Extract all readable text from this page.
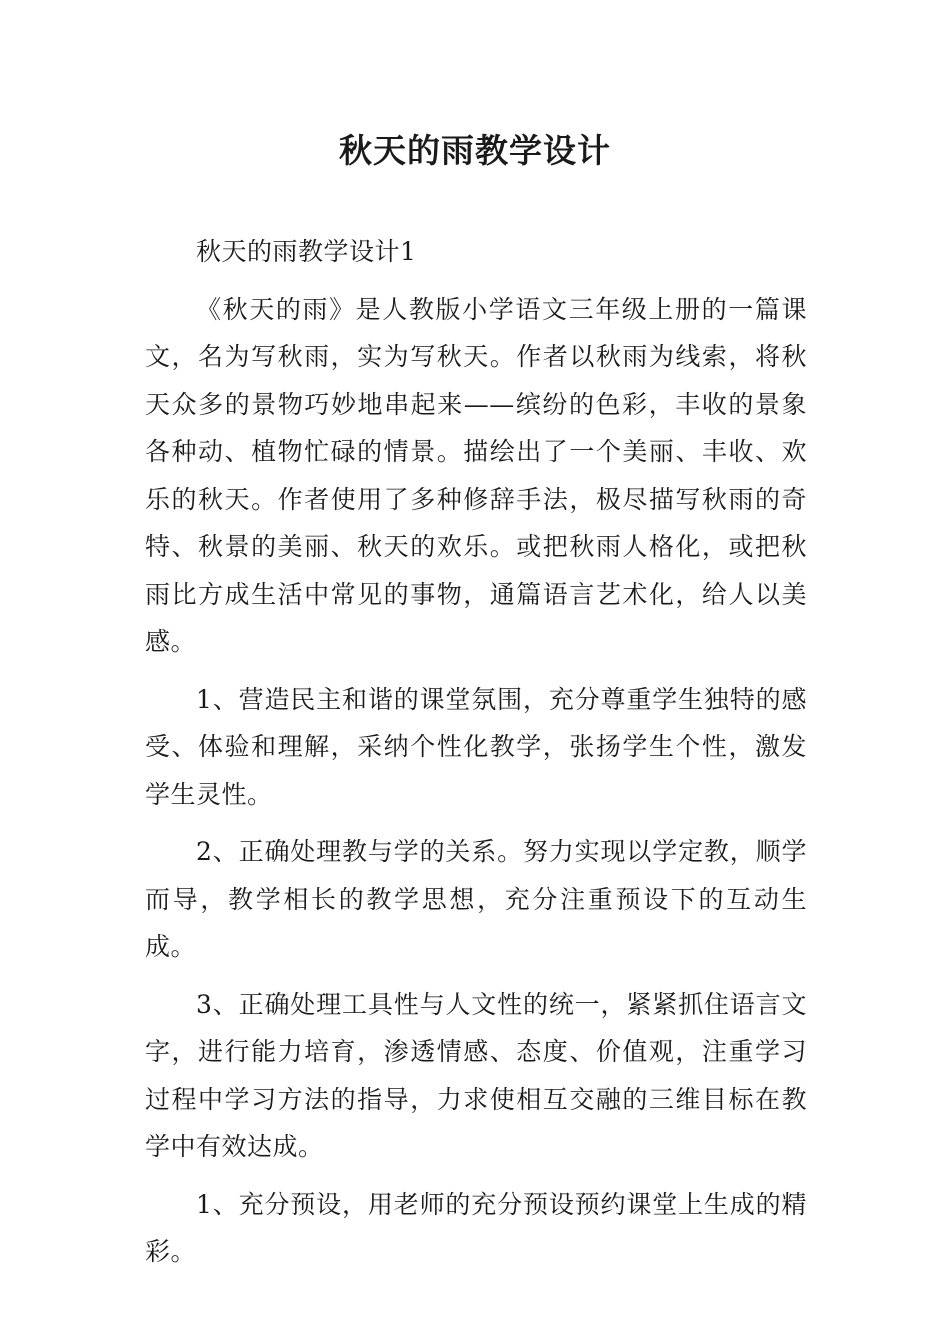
秋天的雨教学设计

秋天的雨教学设计1

《秋天的雨》是人教版小学语文三年级上册的一篇课文，名为写秋雨，实为写秋天。作者以秋雨为线索，将秋天众多的景物巧妙地串起来——缤纷的色彩，丰收的景象各种动、植物忙碌的情景。描绘出了一个美丽、丰收、欢乐的秋天。作者使用了多种修辞手法，极尽描写秋雨的奇特、秋景的美丽、秋天的欢乐。或把秋雨人格化，或把秋雨比方成生活中常见的事物，通篇语言艺术化，给人以美感。

1、营造民主和谐的课堂氛围，充分尊重学生独特的感受、体验和理解，采纳个性化教学，张扬学生个性，激发学生灵性。

2、正确处理教与学的关系。努力实现以学定教，顺学而导，教学相长的教学思想，充分注重预设下的互动生成。

3、正确处理工具性与人文性的统一，紧紧抓住语言文字，进行能力培育，渗透情感、态度、价值观，注重学习过程中学习方法的指导，力求使相互交融的三维目标在教学中有效达成。

1、充分预设，用老师的充分预设预约课堂上生成的精彩。
